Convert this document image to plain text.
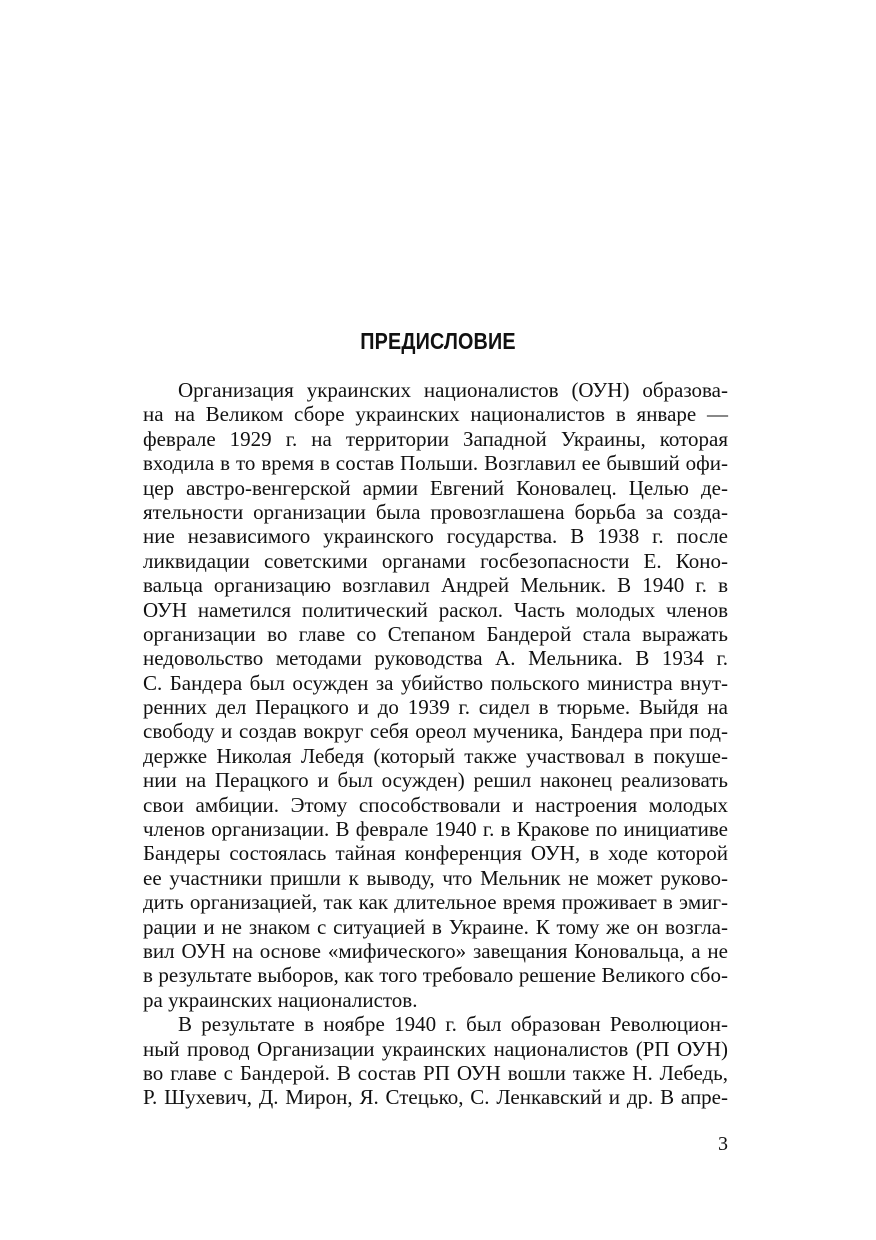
ПРЕДИСЛОВИЕ
Организация украинских националистов (ОУН) образова-
на на Великом сборе украинских националистов в январе —
феврале 1929 г. на территории Западной Украины, которая
входила в то время в состав Польши. Возглавил ее бывший офи-
цер австро-венгерской армии Евгений Коновалец. Целью де-
ятельности организации была провозглашена борьба за созда-
ние независимого украинского государства. В 1938 г. после
ликвидации советскими органами госбезопасности Е. Коно-
вальца организацию возглавил Андрей Мельник. В 1940 г. в
ОУН наметился политический раскол. Часть молодых членов
организации во главе со Степаном Бандерой стала выражать
недовольство методами руководства А. Мельника. В 1934 г.
С. Бандера был осужден за убийство польского министра внут-
ренних дел Перацкого и до 1939 г. сидел в тюрьме. Выйдя на
свободу и создав вокруг себя ореол мученика, Бандера при под-
держке Николая Лебедя (который также участвовал в покуше-
нии на Перацкого и был осужден) решил наконец реализовать
свои амбиции. Этому способствовали и настроения молодых
членов организации. В феврале 1940 г. в Кракове по инициативе
Бандеры состоялась тайная конференция ОУН, в ходе которой
ее участники пришли к выводу, что Мельник не может руково-
дить организацией, так как длительное время проживает в эмиг-
рации и не знаком с ситуацией в Украине. К тому же он возгла-
вил ОУН на основе «мифического» завещания Коновальца, а не
в результате выборов, как того требовало решение Великого сбо-
ра украинских националистов.
В результате в ноябре 1940 г. был образован Революцион-
ный провод Организации украинских националистов (РП ОУН)
во главе с Бандерой. В состав РП ОУН вошли также Н. Лебедь,
Р. Шухевич, Д. Мирон, Я. Стецько, С. Ленкавский и др. В апре-
3
